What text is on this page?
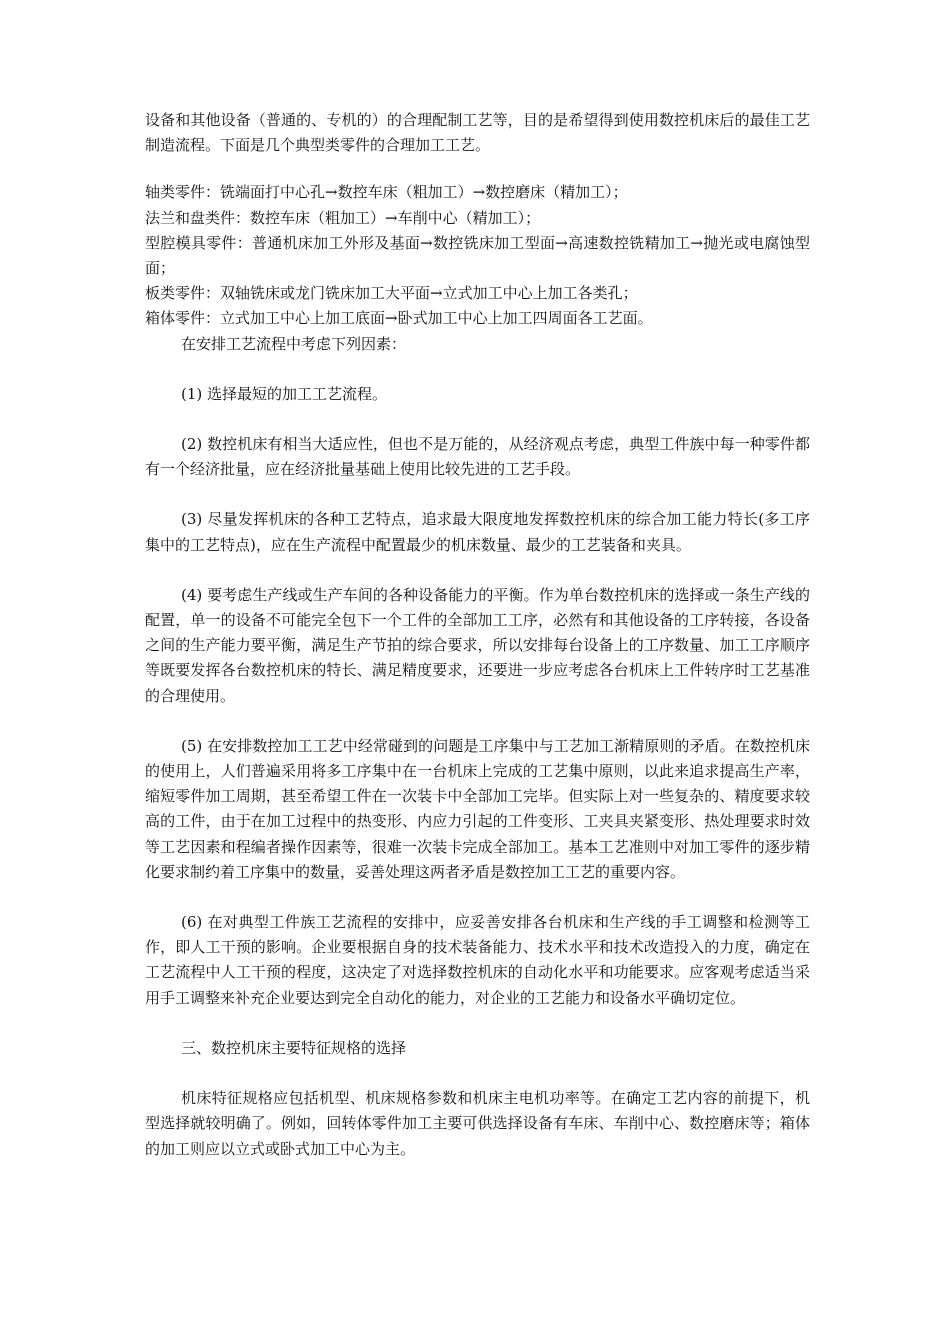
设备和其他设备（普通的、专机的）的合理配制工艺等，目的是希望得到使用数控机床后的最佳工艺制造流程。下面是几个典型类零件的合理加工工艺。

轴类零件：铣端面打中心孔→数控车床（粗加工）→数控磨床（精加工）；

法兰和盘类件：数控车床（粗加工）→车削中心（精加工）；

型腔模具零件：普通机床加工外形及基面→数控铣床加工型面→高速数控铣精加工→抛光或电腐蚀型面；

板类零件：双轴铣床或龙门铣床加工大平面→立式加工中心上加工各类孔；

箱体零件：立式加工中心上加工底面→卧式加工中心上加工四周面各工艺面。

在安排工艺流程中考虑下列因素：

(1) 选择最短的加工工艺流程。

(2) 数控机床有相当大适应性，但也不是万能的，从经济观点考虑，典型工件族中每一种零件都有一个经济批量，应在经济批量基础上使用比较先进的工艺手段。

(3) 尽量发挥机床的各种工艺特点，追求最大限度地发挥数控机床的综合加工能力特长(多工序集中的工艺特点)，应在生产流程中配置最少的机床数量、最少的工艺装备和夹具。

(4) 要考虑生产线或生产车间的各种设备能力的平衡。作为单台数控机床的选择或一条生产线的配置，单一的设备不可能完全包下一个工件的全部加工工序，必然有和其他设备的工序转接，各设备之间的生产能力要平衡，满足生产节拍的综合要求，所以安排每台设备上的工序数量、加工工序顺序等既要发挥各台数控机床的特长、满足精度要求，还要进一步应考虑各台机床上工件转序时工艺基准的合理使用。

(5) 在安排数控加工工艺中经常碰到的问题是工序集中与工艺加工渐精原则的矛盾。在数控机床的使用上，人们普遍采用将多工序集中在一台机床上完成的工艺集中原则，以此来追求提高生产率，缩短零件加工周期，甚至希望工件在一次装卡中全部加工完毕。但实际上对一些复杂的、精度要求较高的工件，由于在加工过程中的热变形、内应力引起的工件变形、工夹具夹紧变形、热处理要求时效等工艺因素和程编者操作因素等，很难一次装卡完成全部加工。基本工艺准则中对加工零件的逐步精化要求制约着工序集中的数量，妥善处理这两者矛盾是数控加工工艺的重要内容。

(6) 在对典型工件族工艺流程的安排中，应妥善安排各台机床和生产线的手工调整和检测等工作，即人工干预的影响。企业要根据自身的技术装备能力、技术水平和技术改造投入的力度，确定在工艺流程中人工干预的程度，这决定了对选择数控机床的自动化水平和功能要求。应客观考虑适当采用手工调整来补充企业要达到完全自动化的能力，对企业的工艺能力和设备水平确切定位。

三、数控机床主要特征规格的选择

机床特征规格应包括机型、机床规格参数和机床主电机功率等。在确定工艺内容的前提下，机型选择就较明确了。例如，回转体零件加工主要可供选择设备有车床、车削中心、数控磨床等；箱体的加工则应以立式或卧式加工中心为主。
